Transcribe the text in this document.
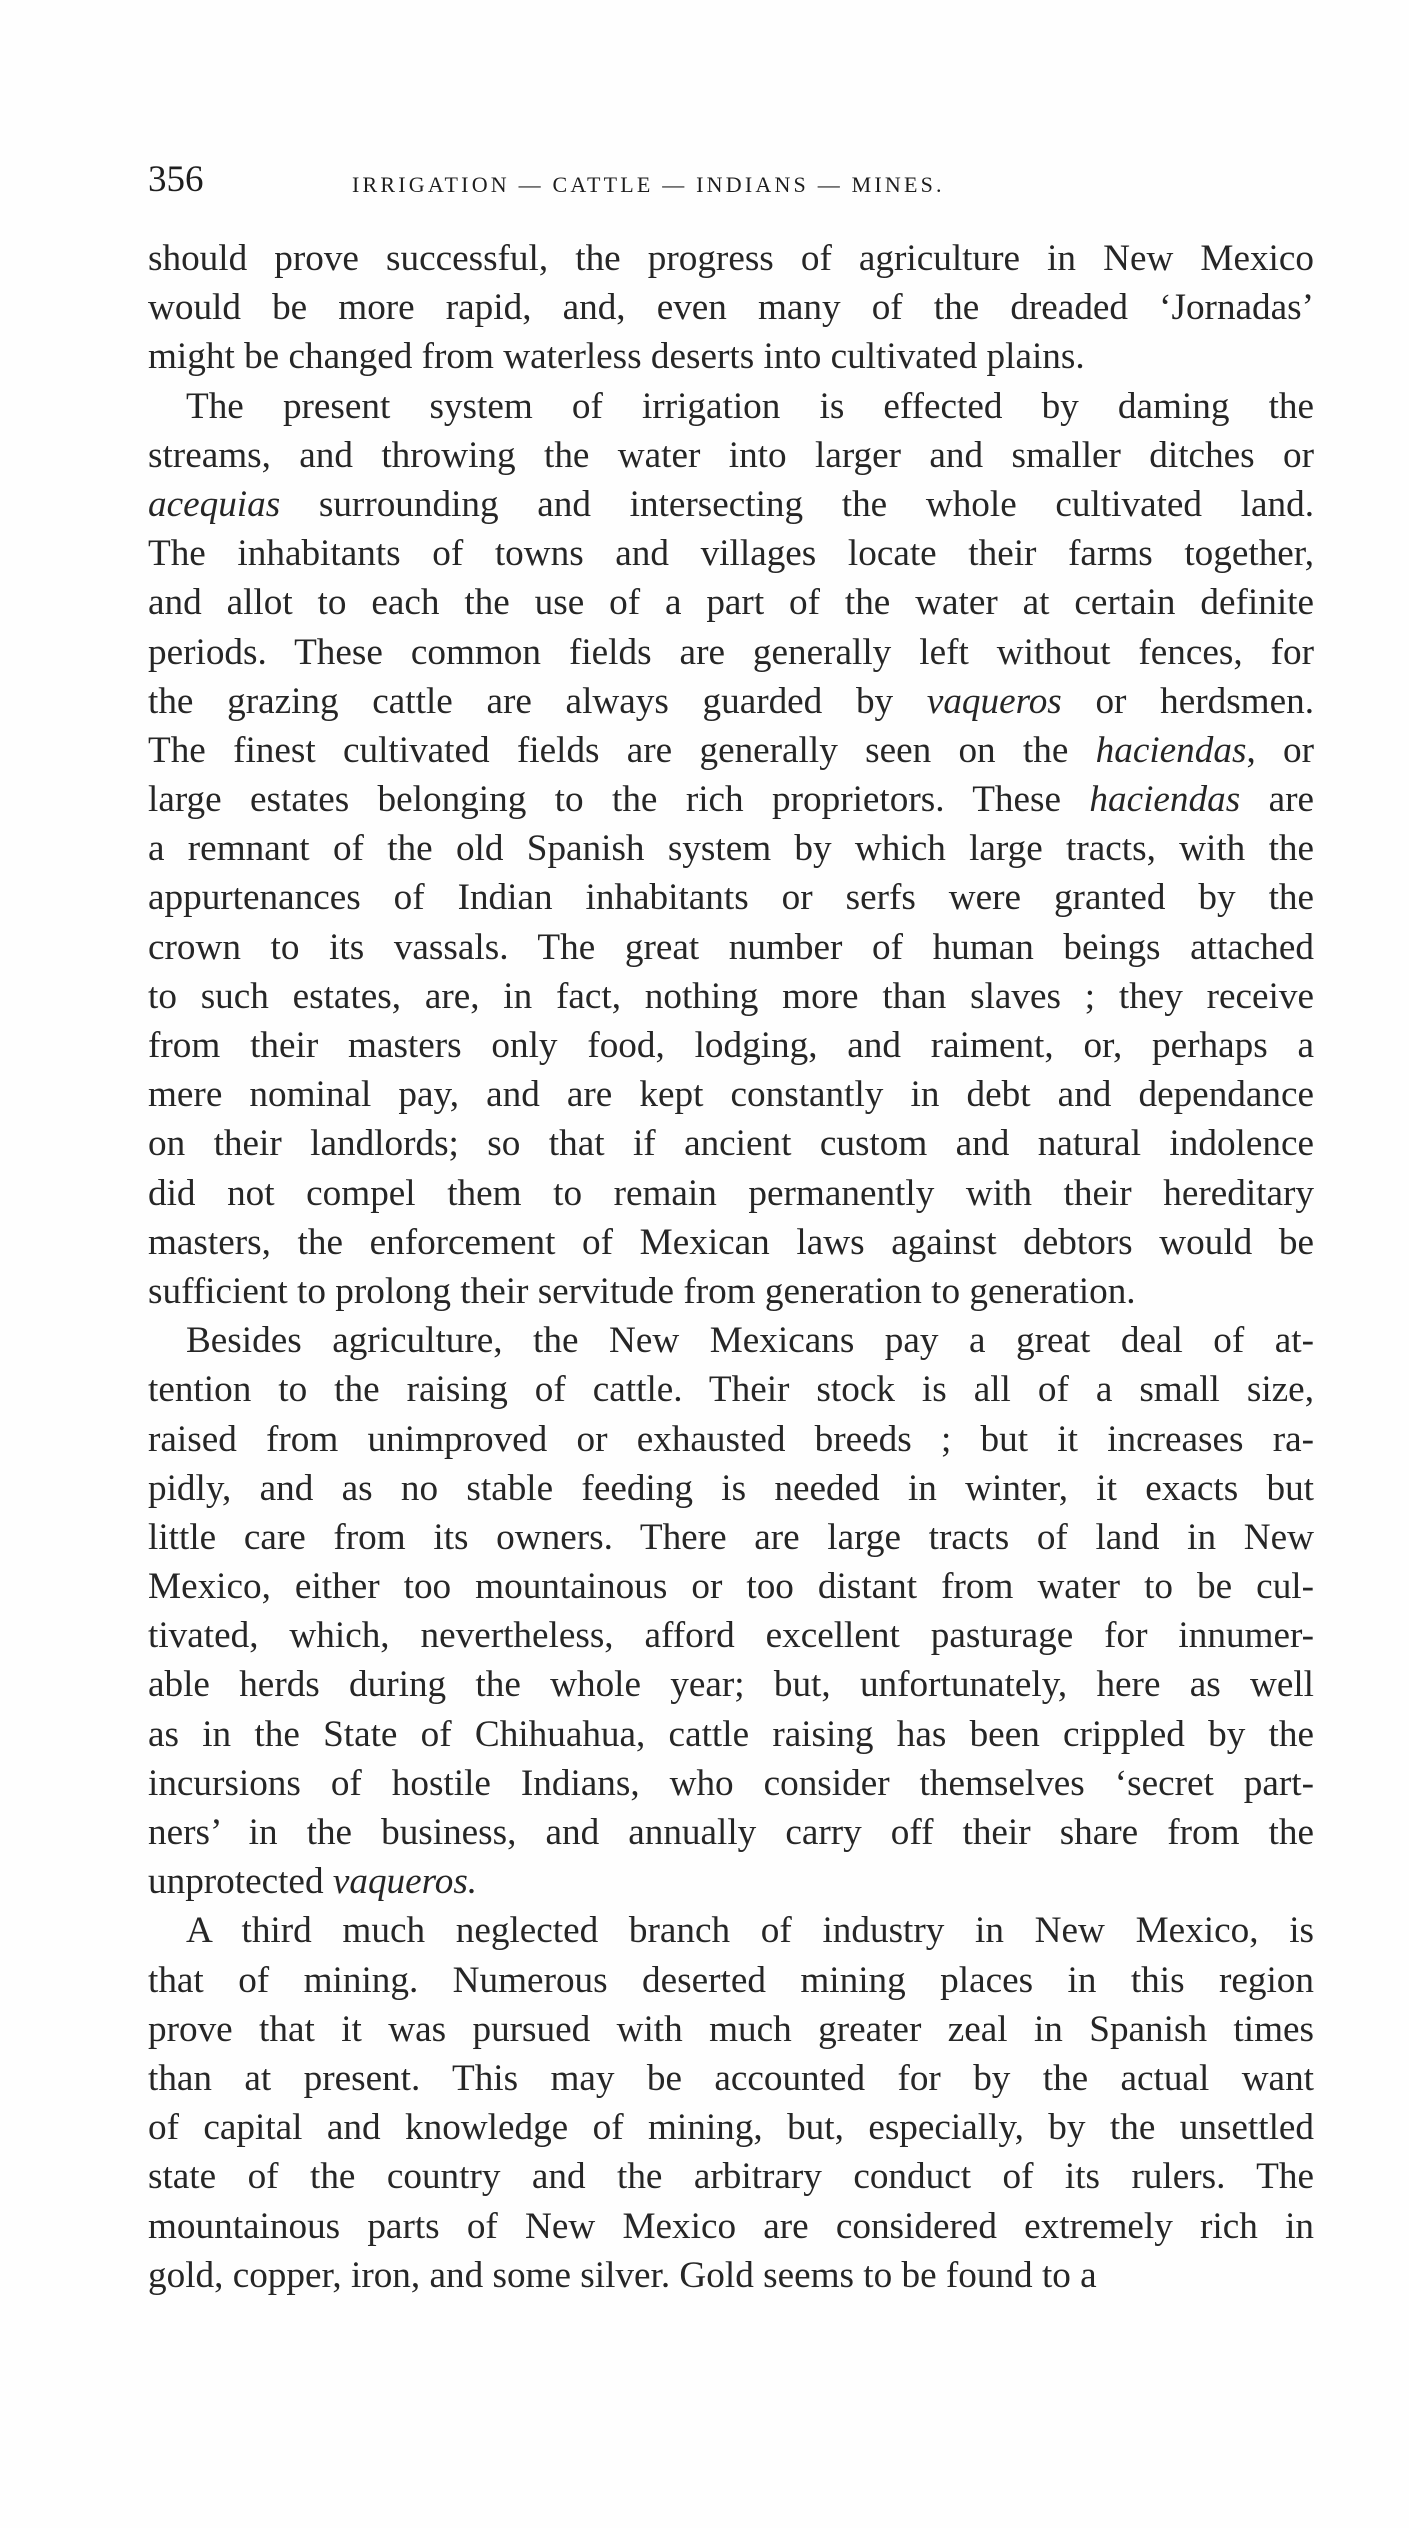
356	IRRIGATION — CATTLE — INDIANS — MINES.
should prove successful, the progress of agriculture in New Mexico
would be more rapid, and, even many of the dreaded ‘Jornadas’
might be changed from waterless deserts into cultivated plains.
The present system of irrigation is effected by daming the
streams, and throwing the water into larger and smaller ditches or
acequias surrounding and intersecting the whole cultivated land.
The inhabitants of towns and villages locate their farms together,
and allot to each the use of a part of the water at certain definite
periods. These common fields are generally left without fences, for
the grazing cattle are always guarded by vaqueros or herdsmen.
The finest cultivated fields are generally seen on the haciendas, or
large estates belonging to the rich proprietors. These haciendas are
a remnant of the old Spanish system by which large tracts, with the
appurtenances of Indian inhabitants or serfs were granted by the
crown to its vassals. The great number of human beings attached
to such estates, are, in fact, nothing more than slaves ; they receive
from their masters only food, lodging, and raiment, or, perhaps a
mere nominal pay, and are kept constantly in debt and dependance
on their landlords; so that if ancient custom and natural indolence
did not compel them to remain permanently with their hereditary
masters, the enforcement of Mexican laws against debtors would be
sufficient to prolong their servitude from generation to generation.
Besides agriculture, the New Mexicans pay a great deal of at-
tention to the raising of cattle. Their stock is all of a small size,
raised from unimproved or exhausted breeds ; but it increases ra-
pidly, and as no stable feeding is needed in winter, it exacts but
little care from its owners. There are large tracts of land in New
Mexico, either too mountainous or too distant from water to be cul-
tivated, which, nevertheless, afford excellent pasturage for innumer-
able herds during the whole year; but, unfortunately, here as well
as in the State of Chihuahua, cattle raising has been crippled by the
incursions of hostile Indians, who consider themselves ‘secret part-
ners’ in the business, and annually carry off their share from the
unprotected vaqueros.
A third much neglected branch of industry in New Mexico, is
that of mining. Numerous deserted mining places in this region
prove that it was pursued with much greater zeal in Spanish times
than at present. This may be accounted for by the actual want
of capital and knowledge of mining, but, especially, by the unsettled
state of the country and the arbitrary conduct of its rulers. The
mountainous parts of New Mexico are considered extremely rich in
gold, copper, iron, and some silver. Gold seems to be found to a
